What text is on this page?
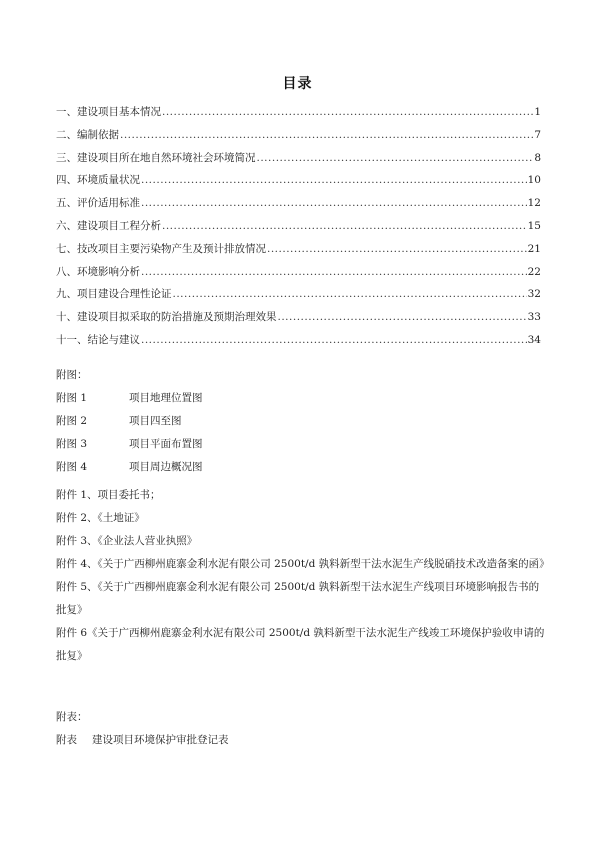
目录
一、建设项目基本情况 .....	1
二、编制依据 .....	7
三、建设项目所在地自然环境社会环境简况 .....	8
四、环境质量状况 .....	10
五、评价适用标准 .....	12
六、建设项目工程分析 .....	15
七、技改项目主要污染物产生及预计排放情况 .....	21
八、环境影响分析 .....	22
九、项目建设合理性论证 .....	32
十、建设项目拟采取的防治措施及预期治理效果 .....	33
十一、结论与建议 .....	34
附图：
附图 1	项目地理位置图
附图 2	项目四至图
附图 3	项目平面布置图
附图 4	项目周边概况图
附件 1、项目委托书；
附件 2、《土地证》
附件 3、《企业法人营业执照》
附件 4、《关于广西柳州鹿寨金利水泥有限公司 2500t/d 孰料新型干法水泥生产线脱硝技术改造备案的函》
附件 5、《关于广西柳州鹿寨金利水泥有限公司 2500t/d 孰料新型干法水泥生产线项目环境影响报告书的批复》
附件 6《关于广西柳州鹿寨金利水泥有限公司 2500t/d 孰料新型干法水泥生产线竣工环境保护验收申请的批复》
附表：
附表	建设项目环境保护审批登记表
